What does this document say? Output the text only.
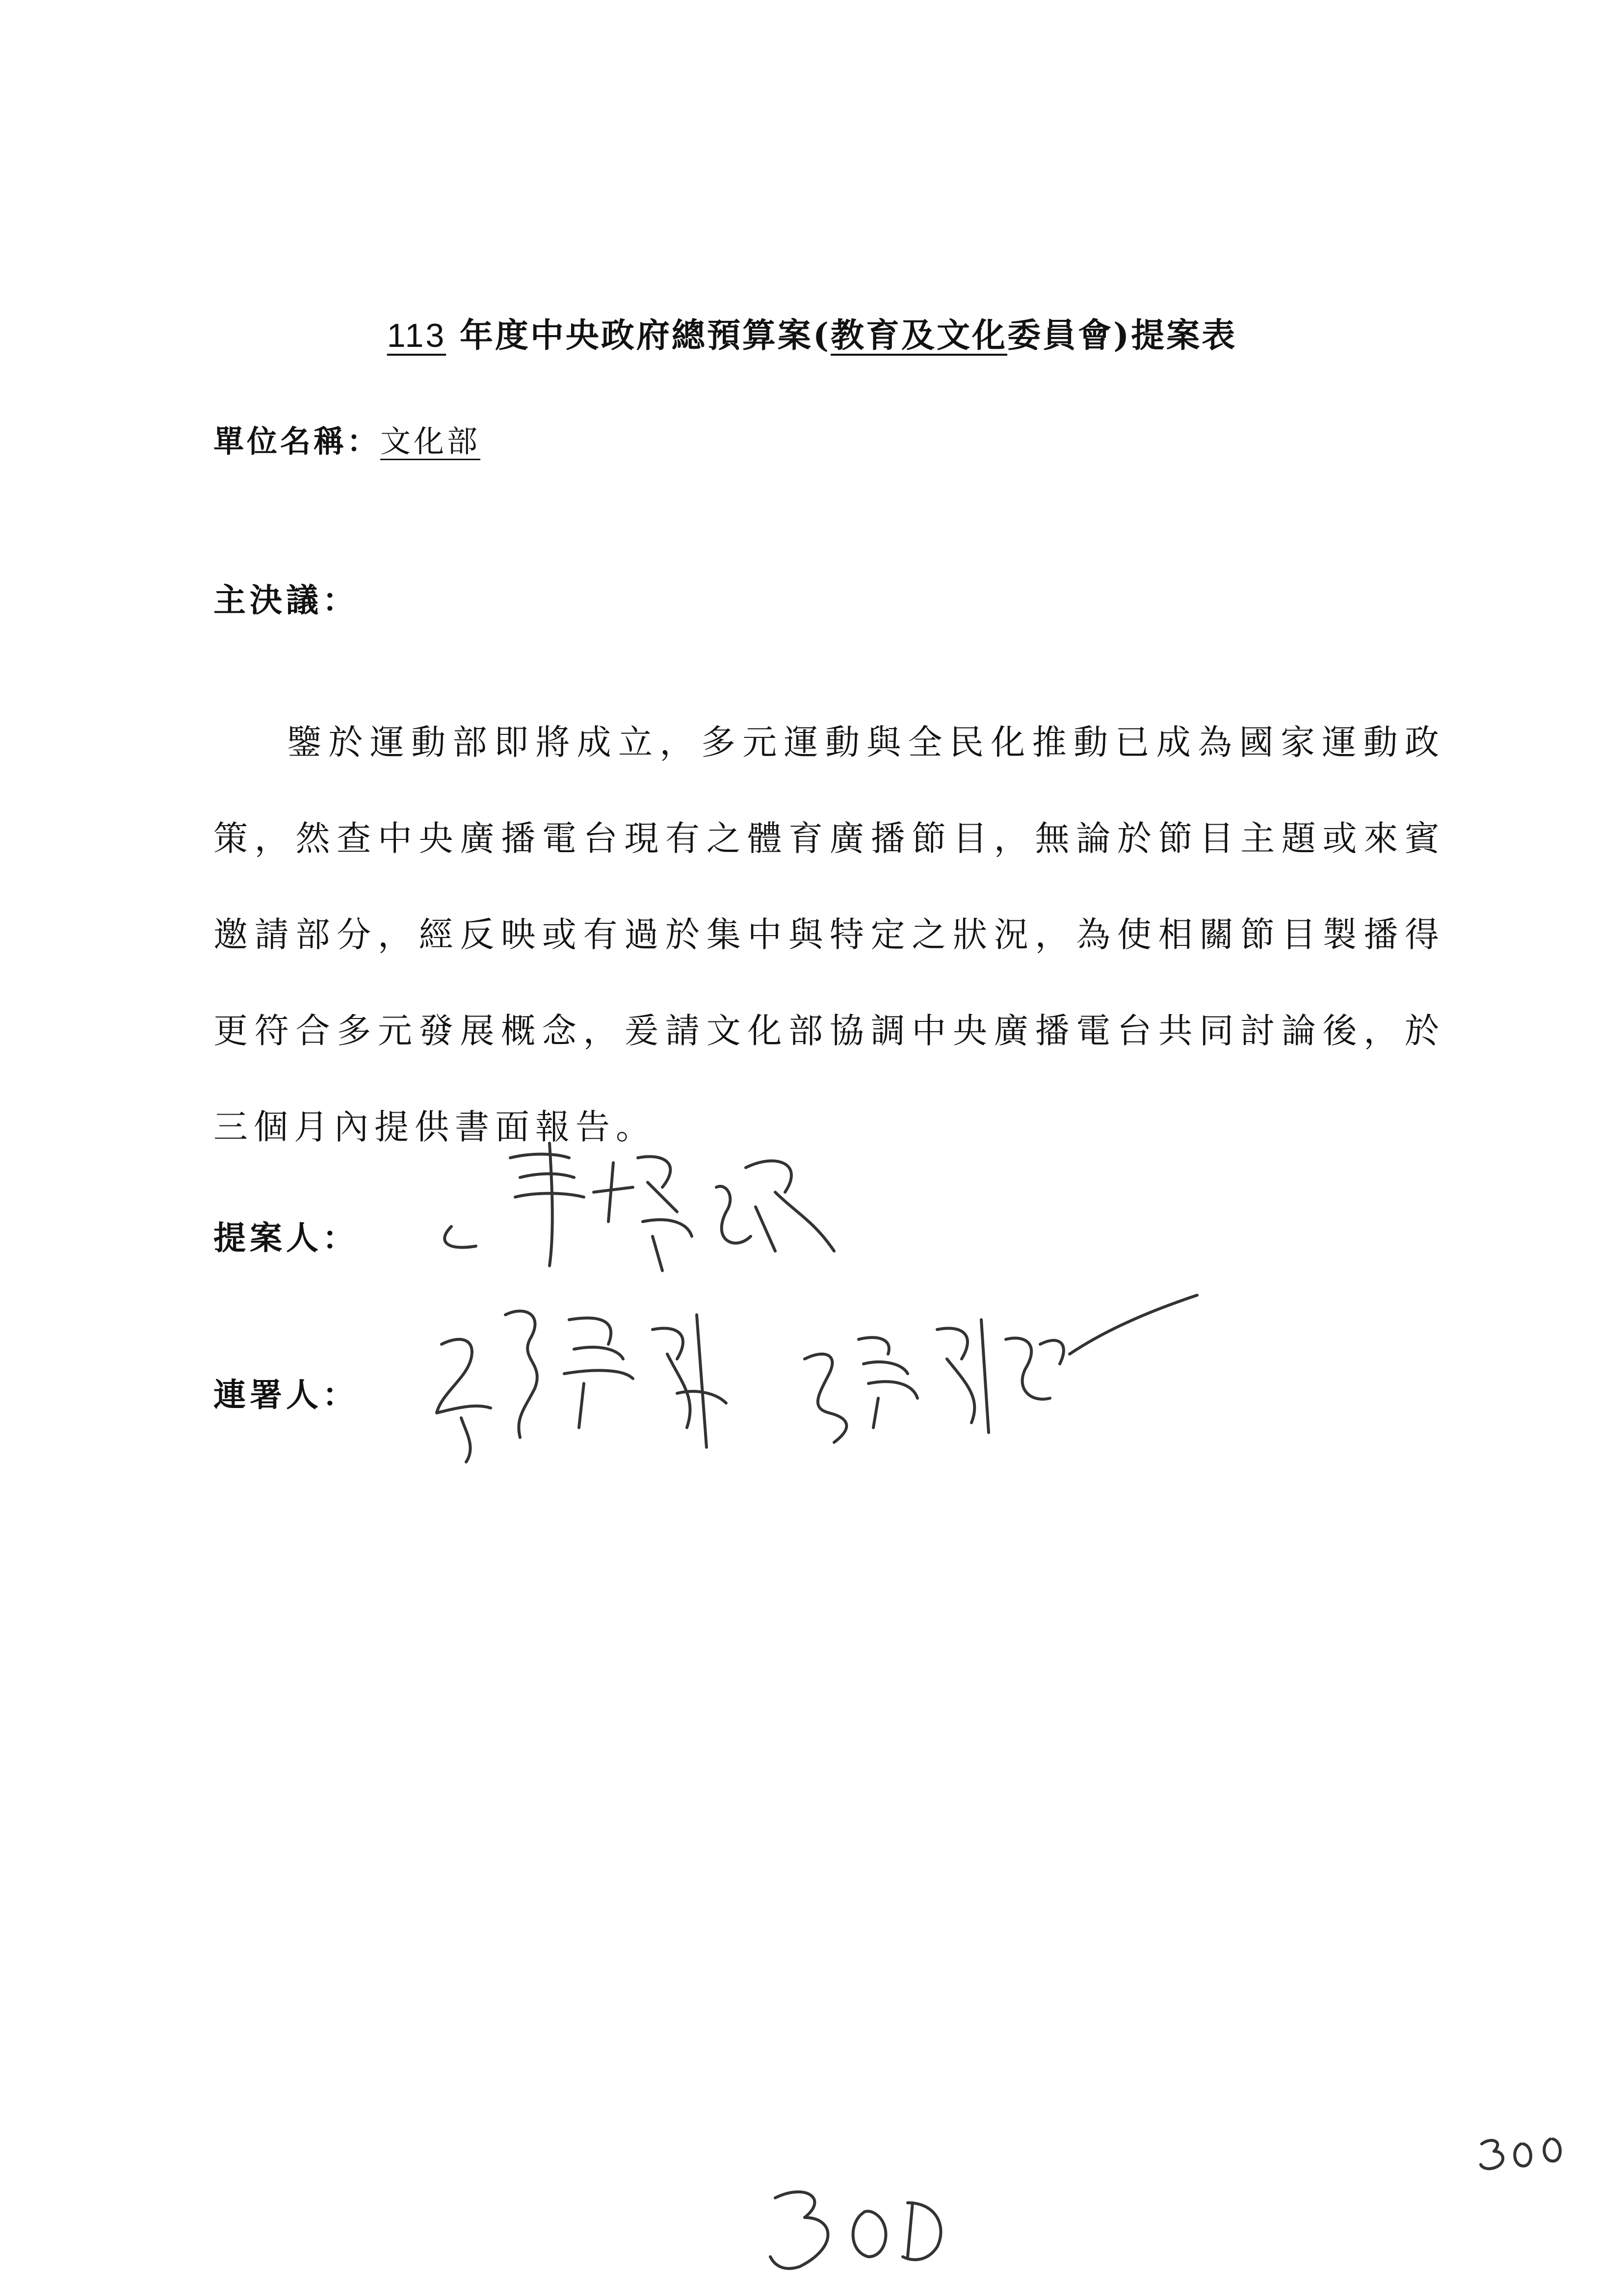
113 年度中央政府總預算案(教育及文化委員會)提案表
單位名稱：文化部
主決議：
鑒於運動部即將成立，多元運動與全民化推動已成為國家運動政策，然查中央廣播電台現有之體育廣播節目，無論於節目主題或來賓邀請部分，經反映或有過於集中與特定之狀況，為使相關節目製播得更符合多元發展概念，爰請文化部協調中央廣播電台共同討論後，於三個月內提供書面報告。
提案人：
連署人：
